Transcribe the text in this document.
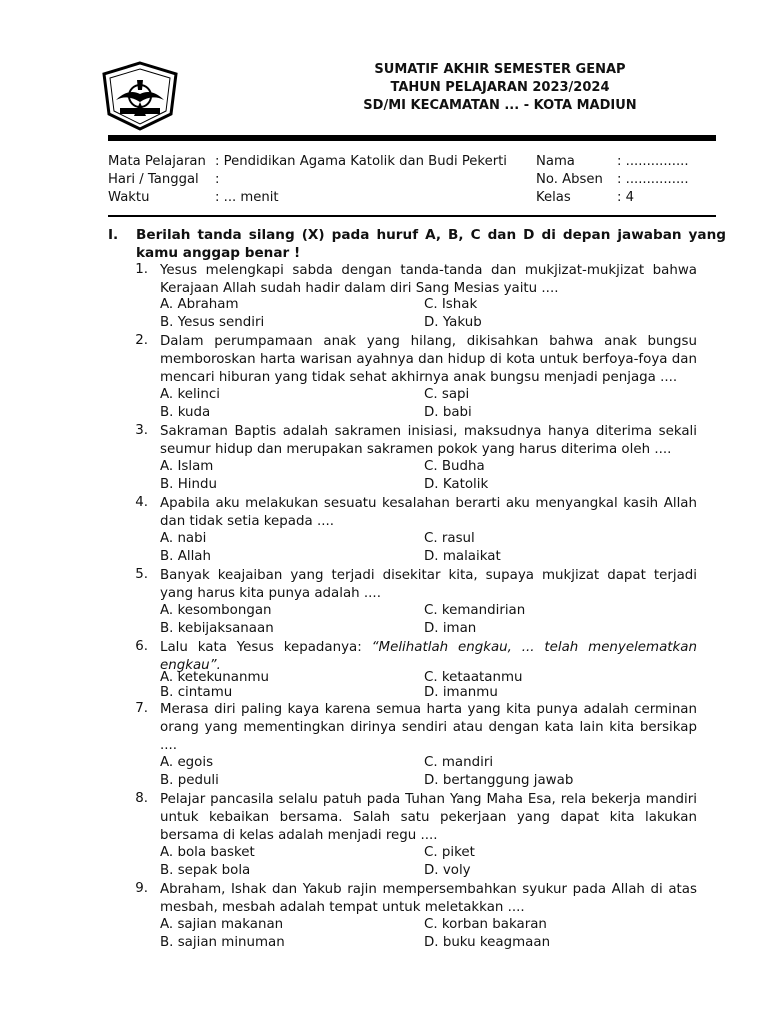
SUMATIF AKHIR SEMESTER GENAP
TAHUN PELAJARAN 2023/2024
SD/MI KECAMATAN ... - KOTA MADIUN
Mata Pelajaran : Pendidikan Agama Katolik dan Budi Pekerti
Hari / Tanggal :
Waktu	: ... menit
Nama	: ...............
No. Absen : ...............
Kelas	: 4
I. Berilah tanda silang (X) pada huruf A, B, C dan D di depan jawaban yang kamu anggap benar !
1. Yesus melengkapi sabda dengan tanda-tanda dan mukjizat-mukjizat bahwa Kerajaan Allah sudah hadir dalam diri Sang Mesias yaitu ....
A. Abraham	C. Ishak
B. Yesus sendiri	D. Yakub
2. Dalam perumpamaan anak yang hilang, dikisahkan bahwa anak bungsu memboroskan harta warisan ayahnya dan hidup di kota untuk berfoya-foya dan mencari hiburan yang tidak sehat akhirnya anak bungsu menjadi penjaga ....
A. kelinci	C. sapi
B. kuda	D. babi
3. Sakraman Baptis adalah sakramen inisiasi, maksudnya hanya diterima sekali seumur hidup dan merupakan sakramen pokok yang harus diterima oleh ....
A. Islam	C. Budha
B. Hindu	D. Katolik
4. Apabila aku melakukan sesuatu kesalahan berarti aku menyangkal kasih Allah dan tidak setia kepada ....
A. nabi	C. rasul
B. Allah	D. malaikat
5. Banyak keajaiban yang terjadi disekitar kita, supaya mukjizat dapat terjadi yang harus kita punya adalah ....
A. kesombongan	C. kemandirian
B. kebijaksanaan	D. iman
6. Lalu kata Yesus kepadanya: “Melihatlah engkau, ... telah menyelematkan engkau”.
A. ketekunanmu	C. ketaatanmu
B. cintamu	D. imanmu
7. Merasa diri paling kaya karena semua harta yang kita punya adalah cerminan orang yang mementingkan dirinya sendiri atau dengan kata lain kita bersikap ....
A. egois	C. mandiri
B. peduli	D. bertanggung jawab
8. Pelajar pancasila selalu patuh pada Tuhan Yang Maha Esa, rela bekerja mandiri untuk kebaikan bersama. Salah satu pekerjaan yang dapat kita lakukan bersama di kelas adalah menjadi regu ....
A. bola basket	C. piket
B. sepak bola	D. voly
9. Abraham, Ishak dan Yakub rajin mempersembahkan syukur pada Allah di atas mesbah, mesbah adalah tempat untuk meletakkan ....
A. sajian makanan	C. korban bakaran
B. sajian minuman	D. buku keagmaan
